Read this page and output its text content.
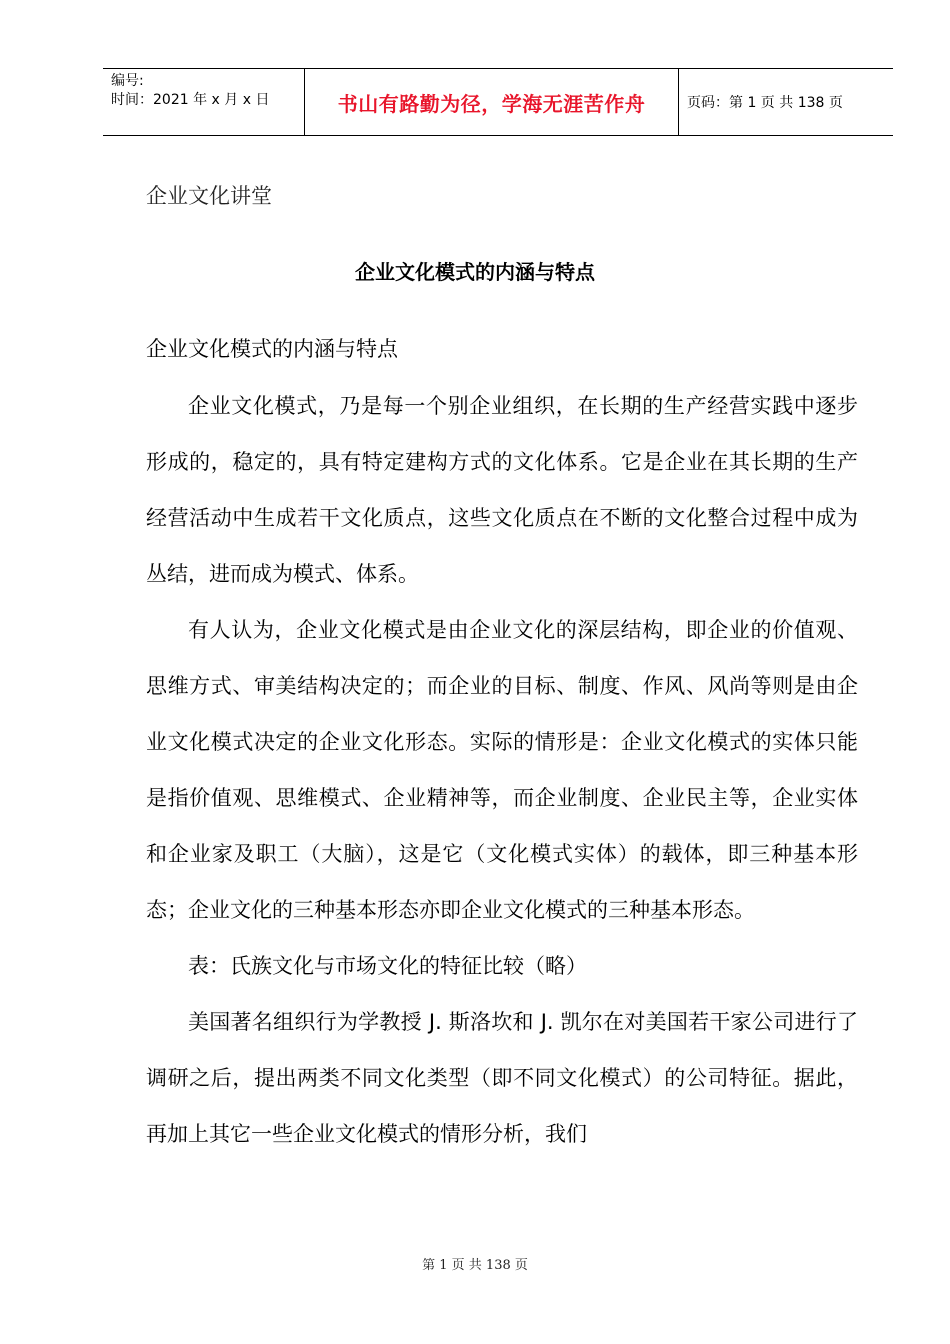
编号:
时间：2021 年 x 月 x 日	书山有路勤为径，学海无涯苦作舟	页码：第 1 页 共 138 页
企业文化讲堂
企业文化模式的内涵与特点
企业文化模式的内涵与特点

企业文化模式，乃是每一个别企业组织，在长期的生产经营实践中逐步形成的，稳定的，具有特定建构方式的文化体系。它是企业在其长期的生产经营活动中生成若干文化质点，这些文化质点在不断的文化整合过程中成为丛结，进而成为模式、体系。

有人认为，企业文化模式是由企业文化的深层结构，即企业的价值观、思维方式、审美结构决定的；而企业的目标、制度、作风、风尚等则是由企业文化模式决定的企业文化形态。实际的情形是：企业文化模式的实体只能是指价值观、思维模式、企业精神等，而企业制度、企业民主等，企业实体和企业家及职工（大脑），这是它（文化模式实体）的载体，即三种基本形态；企业文化的三种基本形态亦即企业文化模式的三种基本形态。

表：氏族文化与市场文化的特征比较（略）

美国著名组织行为学教授 J. 斯洛坎和 J. 凯尔在对美国若干家公司进行了调研之后，提出两类不同文化类型（即不同文化模式）的公司特征。据此，再加上其它一些企业文化模式的情形分析，我们

第 1 页 共 138 页
